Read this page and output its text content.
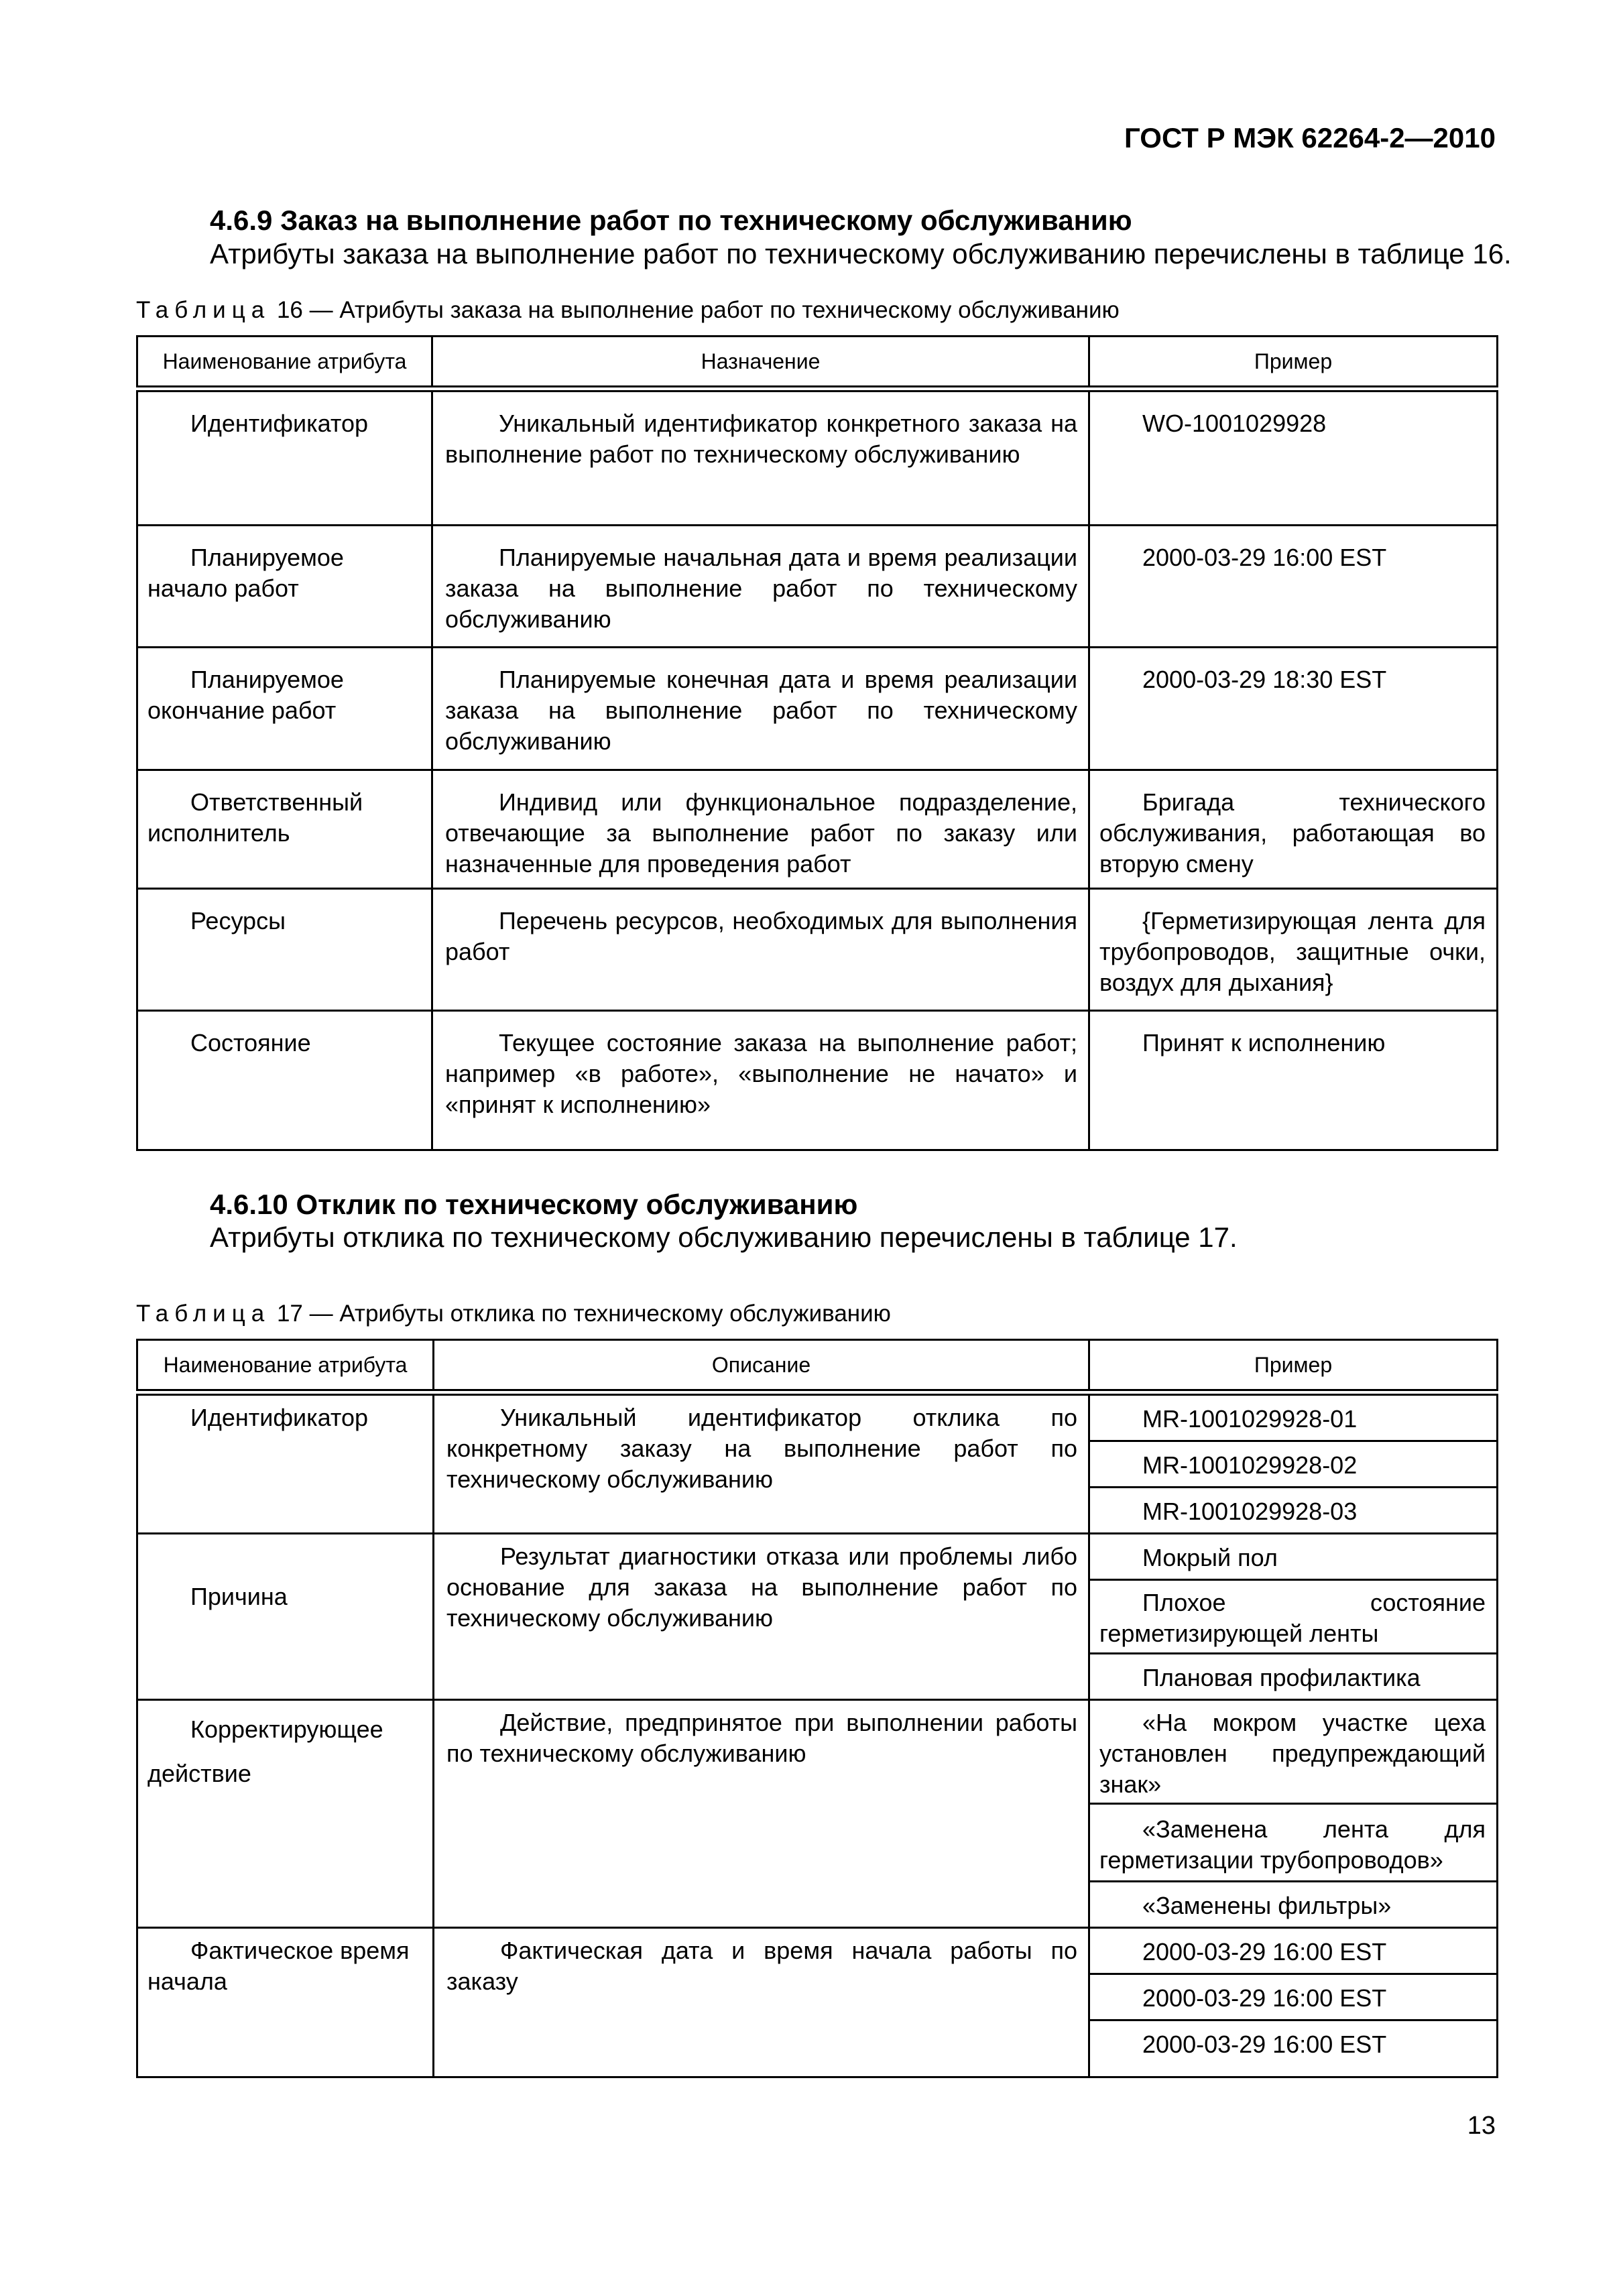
ГОСТ Р МЭК 62264-2—2010
4.6.9 Заказ на выполнение работ по техническому обслуживанию
Атрибуты заказа на выполнение работ по техническому обслуживанию перечислены в таблице 16.
Таблица 16 — Атрибуты заказа на выполнение работ по техническому обслуживанию
Наименование атрибута	Назначение	Пример

Идентификатор	Уникальный идентификатор конкретного заказа на выполнение работ по техническому обслуживанию	WO-1001029928

Планируемое начало работ	Планируемые начальная дата и время реализации заказа на выполнение работ по техническому обслуживанию	2000-03-29 16:00 EST

Планируемое окончание работ	Планируемые конечная дата и время реализации заказа на выполнение работ по техническому обслуживанию	2000-03-29 18:30 EST

Ответственный исполнитель	Индивид или функциональное подразделение, отвечающие за выполнение работ по заказу или назначенные для проведения работ	Бригада технического обслуживания, работающая во вторую смену

Ресурсы	Перечень ресурсов, необходимых для выполнения работ	{Герметизирующая лента для трубопроводов, защитные очки, воздух для дыхания}

Состояние	Текущее состояние заказа на выполнение работ; например «в работе», «выполнение не начато» и «принят к исполнению»	Принят к исполнению
4.6.10 Отклик по техническому обслуживанию
Атрибуты отклика по техническому обслуживанию перечислены в таблице 17.
Таблица 17 — Атрибуты отклика по техническому обслуживанию
Наименование атрибута	Описание	Пример

Идентификатор	Уникальный идентификатор отклика по конкретному заказу на выполнение работ по техническому обслуживанию	MR-1001029928-01

		MR-1001029928-02

		MR-1001029928-03

Причина	Результат диагностики отказа или проблемы либо основание для заказа на выполнение работ по техническому обслуживанию	Мокрый пол

		Плохое состояние герметизирующей ленты

		Плановая профилактика

Корректирующее действие	Действие, предпринятое при выполнении работы по техническому обслуживанию	«На мокром участке цеха установлен предупреждающий знак»

		«Заменена лента для герметизации трубопроводов»

		«Заменены фильтры»

Фактическое время начала	Фактическая дата и время начала работы по заказу	2000-03-29 16:00 EST

		2000-03-29 16:00 EST

		2000-03-29 16:00 EST
13
